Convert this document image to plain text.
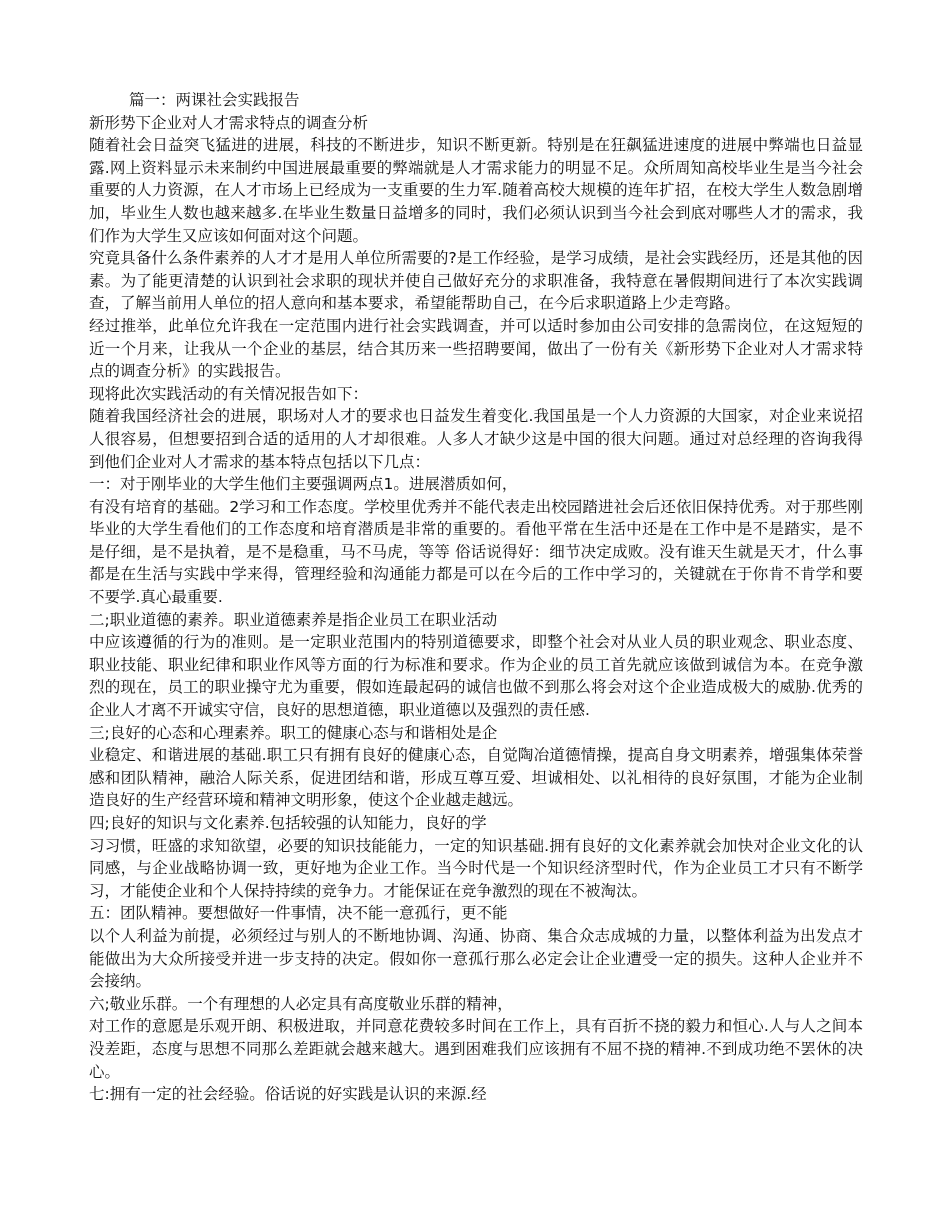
篇一：两课社会实践报告

新形势下企业对人才需求特点的调查分析

随着社会日益突飞猛进的进展，科技的不断进步，知识不断更新。特别是在狂飙猛进速度的进展中弊端也日益显露.网上资料显示未来制约中国进展最重要的弊端就是人才需求能力的明显不足。众所周知高校毕业生是当今社会重要的人力资源，在人才市场上已经成为一支重要的生力军.随着高校大规模的连年扩招，在校大学生人数急剧增加，毕业生人数也越来越多.在毕业生数量日益增多的同时，我们必须认识到当今社会到底对哪些人才的需求，我们作为大学生又应该如何面对这个问题。

究竟具备什么条件素养的人才才是用人单位所需要的?是工作经验，是学习成绩，是社会实践经历，还是其他的因素。为了能更清楚的认识到社会求职的现状并使自己做好充分的求职准备，我特意在暑假期间进行了本次实践调查，了解当前用人单位的招人意向和基本要求，希望能帮助自己，在今后求职道路上少走弯路。

经过推举，此单位允许我在一定范围内进行社会实践调查，并可以适时参加由公司安排的急需岗位，在这短短的近一个月来，让我从一个企业的基层，结合其历来一些招聘要闻，做出了一份有关《新形势下企业对人才需求特点的调查分析》的实践报告。

现将此次实践活动的有关情况报告如下：

随着我国经济社会的进展，职场对人才的要求也日益发生着变化.我国虽是一个人力资源的大国家，对企业来说招人很容易，但想要招到合适的适用的人才却很难。人多人才缺少这是中国的很大问题。通过对总经理的咨询我得到他们企业对人才需求的基本特点包括以下几点：

一：对于刚毕业的大学生他们主要强调两点1。进展潜质如何，

有没有培育的基础。2学习和工作态度。学校里优秀并不能代表走出校园踏进社会后还依旧保持优秀。对于那些刚毕业的大学生看他们的工作态度和培育潜质是非常的重要的。看他平常在生活中还是在工作中是不是踏实，是不是仔细，是不是执着，是不是稳重，马不马虎，等等 俗话说得好：细节决定成败。没有谁天生就是天才，什么事都是在生活与实践中学来得，管理经验和沟通能力都是可以在今后的工作中学习的，关键就在于你肯不肯学和要不要学.真心最重要.

二;职业道德的素养。职业道德素养是指企业员工在职业活动

中应该遵循的行为的准则。是一定职业范围内的特别道德要求，即整个社会对从业人员的职业观念、职业态度、职业技能、职业纪律和职业作风等方面的行为标准和要求。作为企业的员工首先就应该做到诚信为本。在竞争激烈的现在，员工的职业操守尤为重要，假如连最起码的诚信也做不到那么将会对这个企业造成极大的威胁.优秀的企业人才离不开诚实守信，良好的思想道德，职业道德以及强烈的责任感.

三;良好的心态和心理素养。职工的健康心态与和谐相处是企

业稳定、和谐进展的基础.职工只有拥有良好的健康心态，自觉陶冶道德情操，提高自身文明素养，增强集体荣誉感和团队精神，融洽人际关系，促进团结和谐，形成互尊互爱、坦诚相处、以礼相待的良好氛围，才能为企业制造良好的生产经营环境和精神文明形象，使这个企业越走越远。

四;良好的知识与文化素养.包括较强的认知能力，良好的学

习习惯，旺盛的求知欲望，必要的知识技能能力，一定的知识基础.拥有良好的文化素养就会加快对企业文化的认同感，与企业战略协调一致，更好地为企业工作。当今时代是一个知识经济型时代，作为企业员工才只有不断学习，才能使企业和个人保持持续的竞争力。才能保证在竞争激烈的现在不被淘汰。

五：团队精神。要想做好一件事情，决不能一意孤行，更不能

以个人利益为前提，必须经过与别人的不断地协调、沟通、协商、集合众志成城的力量，以整体利益为出发点才能做出为大众所接受并进一步支持的决定。假如你一意孤行那么必定会让企业遭受一定的损失。这种人企业并不会接纳。

六;敬业乐群。一个有理想的人必定具有高度敬业乐群的精神，

对工作的意愿是乐观开朗、积极进取，并同意花费较多时间在工作上，具有百折不挠的毅力和恒心.人与人之间本没差距，态度与思想不同那么差距就会越来越大。遇到困难我们应该拥有不屈不挠的精神.不到成功绝不罢休的决心。

七:拥有一定的社会经验。俗话说的好实践是认识的来源.经
